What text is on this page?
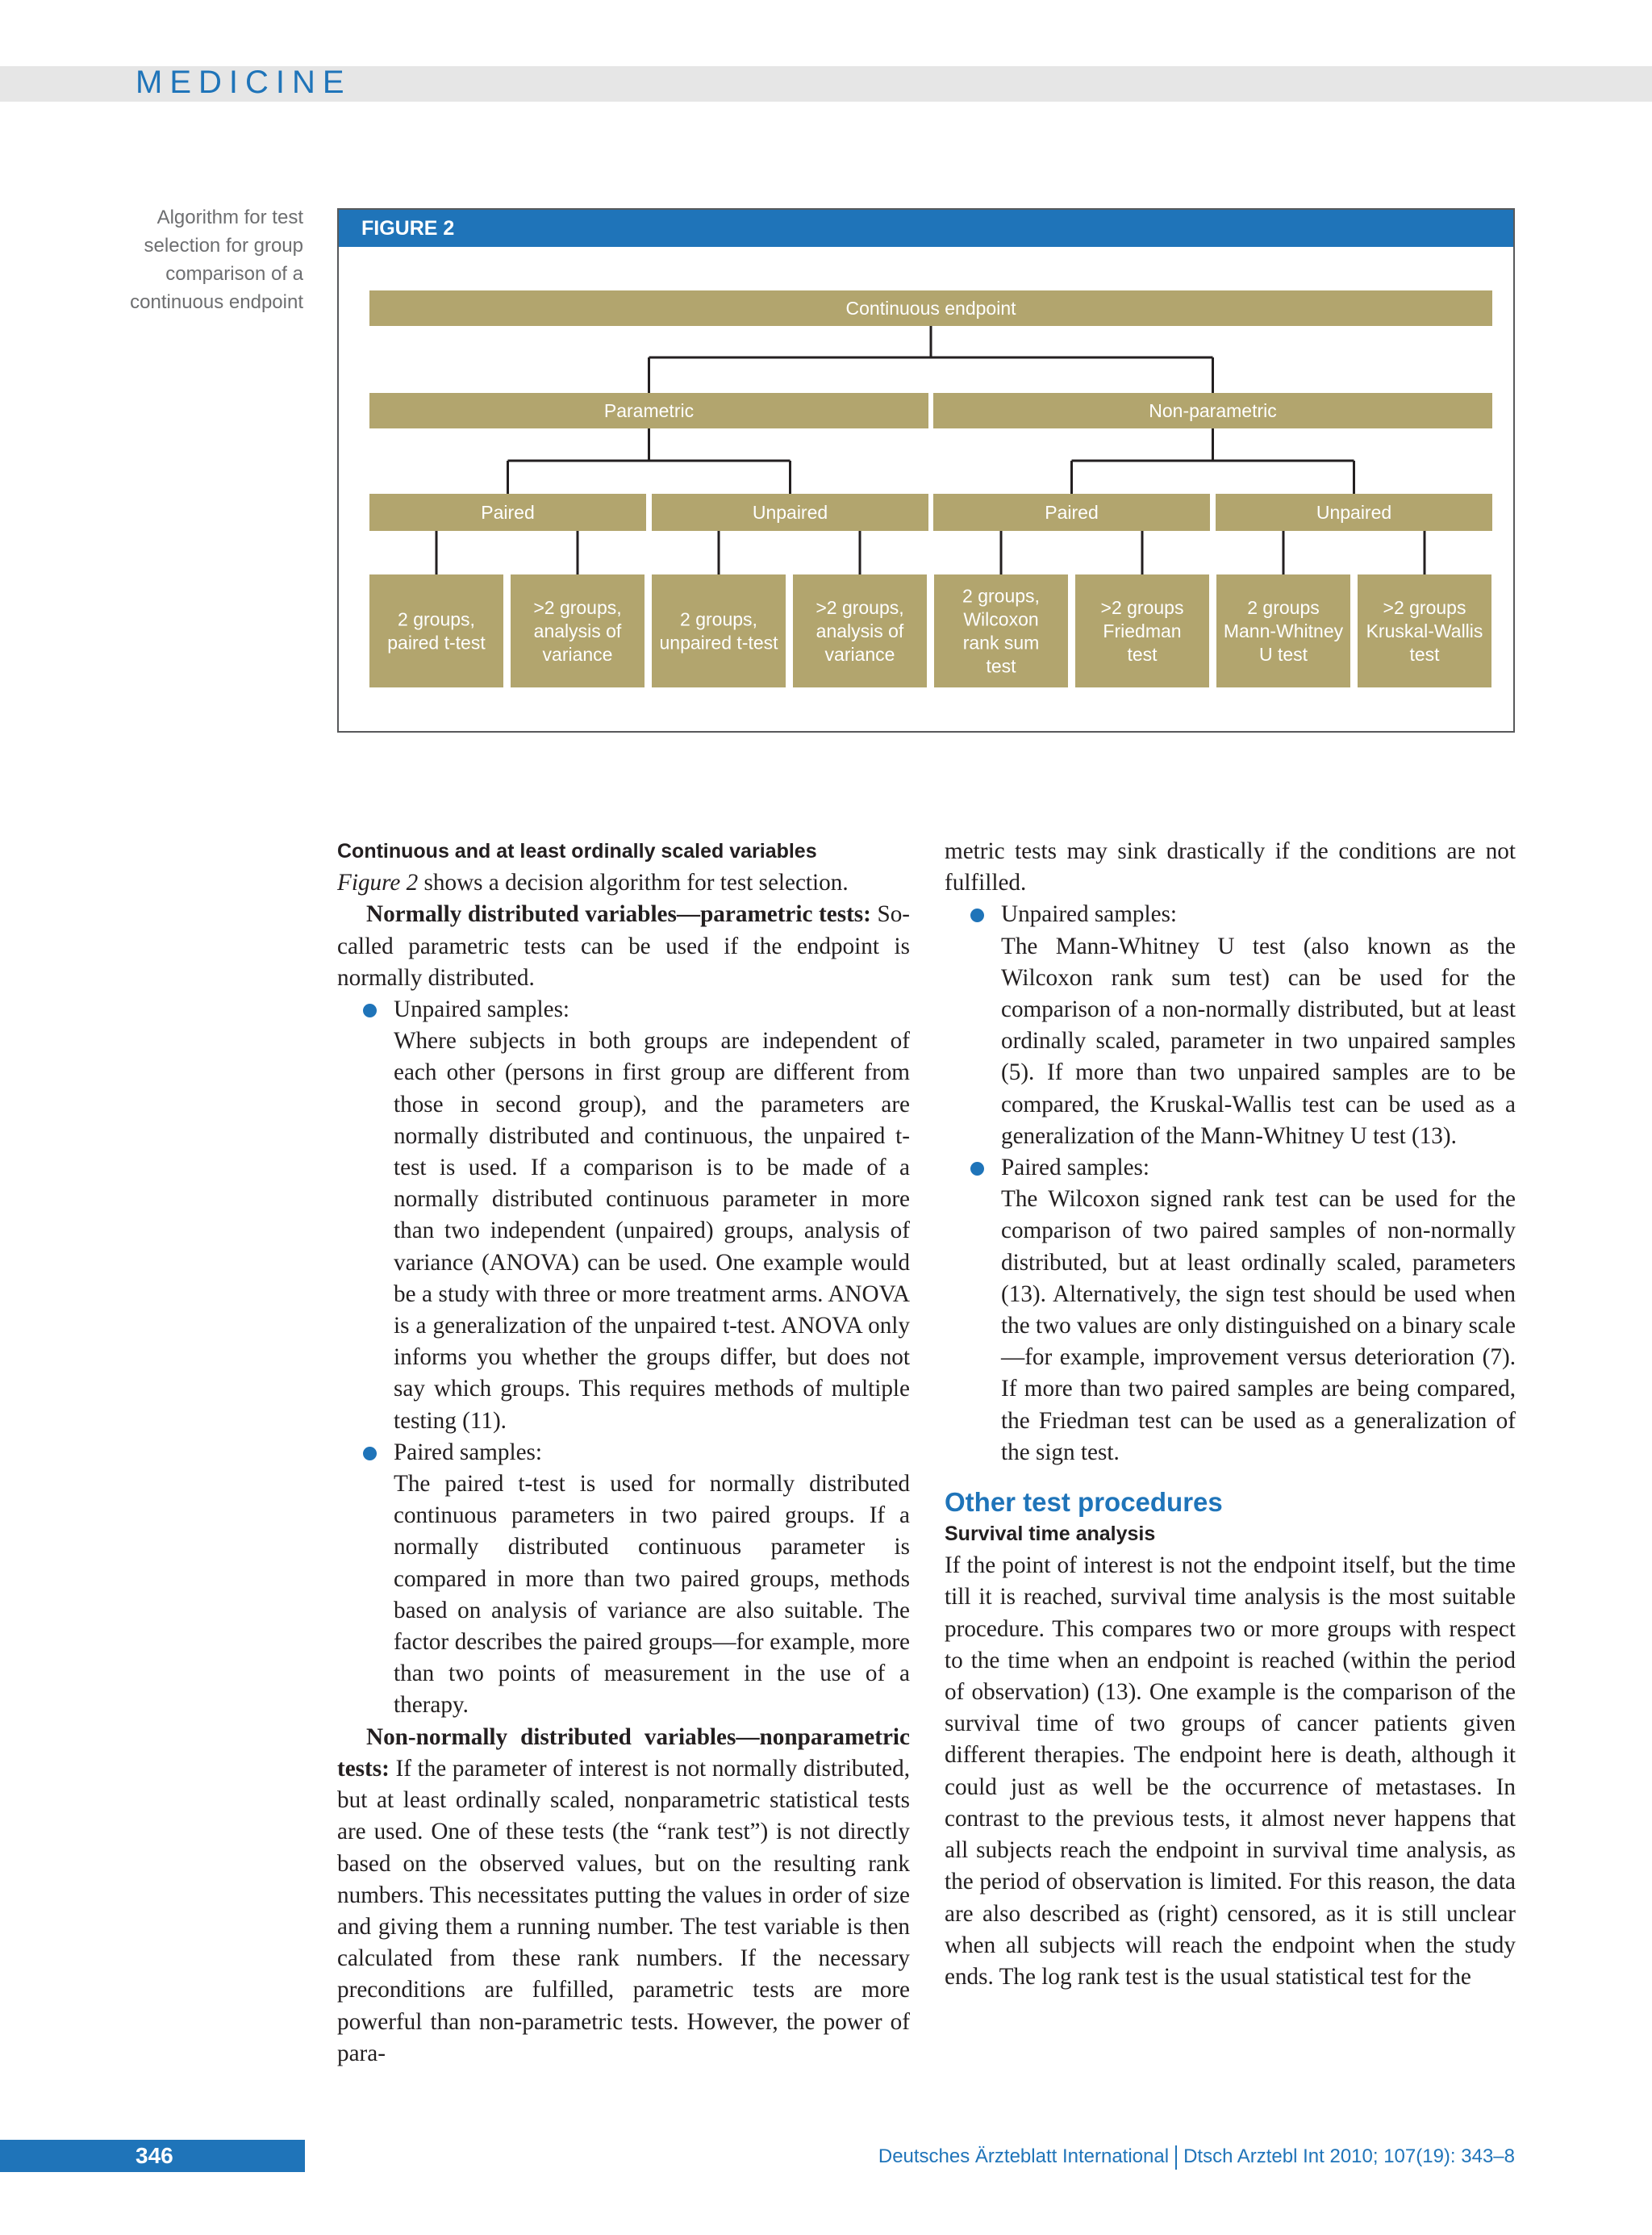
MEDICINE
Algorithm for test selection for group comparison of a continuous endpoint	Continuous endpoint
Parametric	Non-parametric
Paired	Unpaired	Paired	Unpaired
2 groups,
paired t-test
>2 groups,
analysis of
variance
2 groups,
unpaired t-test
>2 groups,
analysis of
variance
2 groups,
Wilcoxon
rank sum
test
>2 groups
Friedman
test
2 groups
Mann-Whitney
U test
>2 groups
Kruskal-Wallis
test
FIGURE 2

Continuous and at least ordinally scaled variables

Figure 2 shows a decision algorithm for test selection.

Normally distributed variables—parametric tests: So-called parametric tests can be used if the endpoint is normally distributed.

Unpaired samples:

Where subjects in both groups are independent of each other (persons in first group are different from those in second group), and the parameters are normally distributed and continuous, the unpaired t-test is used. If a comparison is to be made of a normally distributed continuous parameter in more than two independent (unpaired) groups, analysis of variance (ANOVA) can be used. One example would be a study with three or more treatment arms. ANOVA is a generalization of the unpaired t-test. ANOVA only informs you whether the groups differ, but does not say which groups. This requires methods of multiple testing (11).

Paired samples:

The paired t-test is used for normally distributed continuous parameters in two paired groups. If a normally distributed continuous parameter is compared in more than two paired groups, methods based on analysis of variance are also suitable. The factor describes the paired groups—for example, more than two points of measurement in the use of a therapy.

Non-normally distributed variables—nonparametric tests: If the parameter of interest is not normally distributed, but at least ordinally scaled, nonparametric statistical tests are used. One of these tests (the “rank test”) is not directly based on the observed values, but on the resulting rank numbers. This necessitates putting the values in order of size and giving them a running number. The test variable is then calculated from these rank numbers. If the necessary preconditions are fulfilled, parametric tests are more powerful than non-parametric tests. However, the power of para-

metric tests may sink drastically if the conditions are not fulfilled.

Unpaired samples:

The Mann-Whitney U test (also known as the Wilcoxon rank sum test) can be used for the comparison of a non-normally distributed, but at least ordinally scaled, parameter in two unpaired samples (5). If more than two unpaired samples are to be compared, the Kruskal-Wallis test can be used as a generalization of the Mann-Whitney U test (13).

Paired samples:

The Wilcoxon signed rank test can be used for the comparison of two paired samples of non-normally distributed, but at least ordinally scaled, parameters (13). Alternatively, the sign test should be used when the two values are only distinguished on a binary scale—for example, improvement versus deterioration (7). If more than two paired samples are being compared, the Friedman test can be used as a generalization of the sign test.

Other test procedures

Survival time analysis

If the point of interest is not the endpoint itself, but the time till it is reached, survival time analysis is the most suitable procedure. This compares two or more groups with respect to the time when an endpoint is reached (within the period of observation) (13). One example is the comparison of the survival time of two groups of cancer patients given different therapies. The endpoint here is death, although it could just as well be the occurrence of metastases. In contrast to the previous tests, it almost never happens that all subjects reach the endpoint in survival time analysis, as the period of observation is limited. For this reason, the data are also described as (right) censored, as it is still unclear when all subjects will reach the endpoint when the study ends. The log rank test is the usual statistical test for the

346	Deutsches Ärzteblatt International Dtsch Arztebl Int 2010; 107(19): 343–8
